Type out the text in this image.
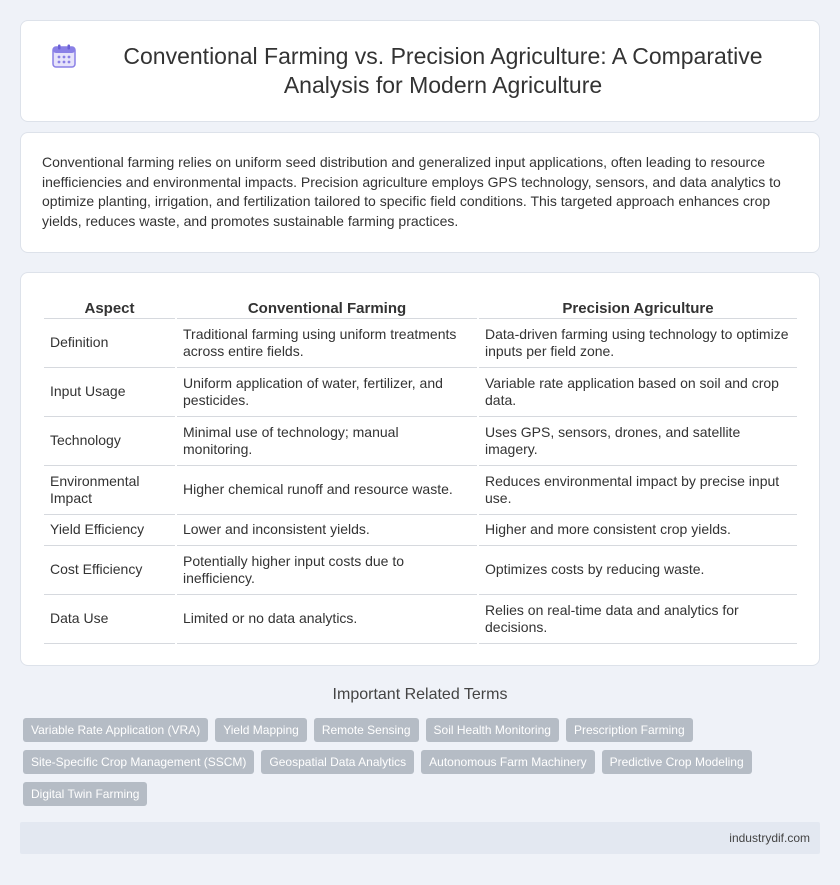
Conventional Farming vs. Precision Agriculture: A Comparative Analysis for Modern Agriculture

Conventional farming relies on uniform seed distribution and generalized input applications, often leading to resource inefficiencies and environmental impacts. Precision agriculture employs GPS technology, sensors, and data analytics to optimize planting, irrigation, and fertilization tailored to specific field conditions. This targeted approach enhances crop yields, reduces waste, and promotes sustainable farming practices.

Aspect	Conventional Farming	Precision Agriculture
Definition	Traditional farming using uniform treatments across entire fields.	Data-driven farming using technology to optimize inputs per field zone.
Input Usage	Uniform application of water, fertilizer, and pesticides.	Variable rate application based on soil and crop data.
Technology	Minimal use of technology; manual monitoring.	Uses GPS, sensors, drones, and satellite imagery.
Environmental Impact	Higher chemical runoff and resource waste.	Reduces environmental impact by precise input use.
Yield Efficiency	Lower and inconsistent yields.	Higher and more consistent crop yields.
Cost Efficiency	Potentially higher input costs due to inefficiency.	Optimizes costs by reducing waste.
Data Use	Limited or no data analytics.	Relies on real-time data and analytics for decisions.
Important Related Terms
Variable Rate Application (VRA)	Yield Mapping	Remote Sensing	Soil Health Monitoring	Prescription Farming
Site-Specific Crop Management (SSCM)	Geospatial Data Analytics	Autonomous Farm Machinery	Predictive Crop Modeling
Digital Twin Farming
industrydif.com
